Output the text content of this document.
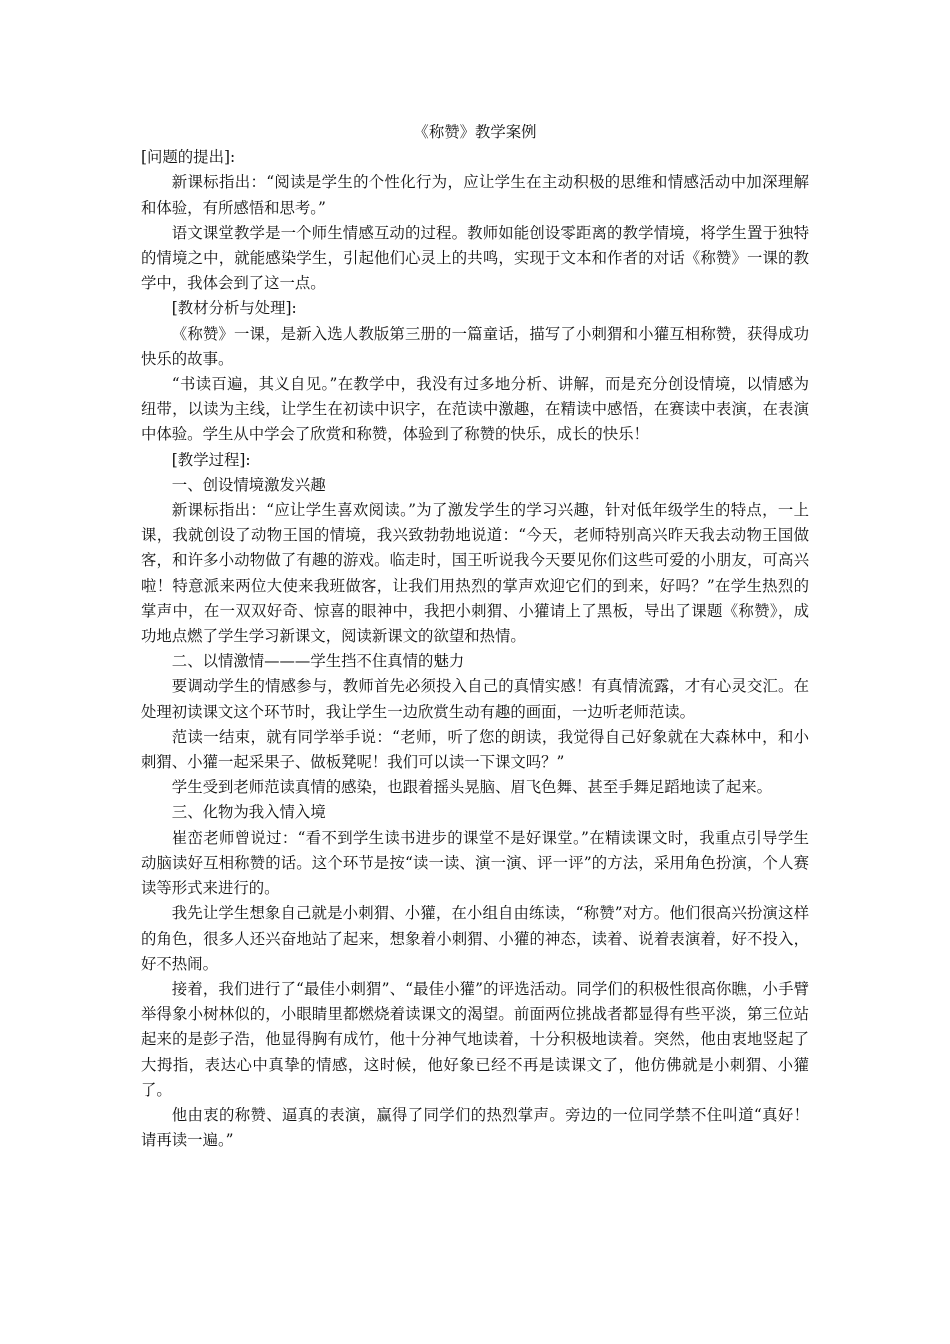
《称赞》教学案例

[问题的提出]:

新课标指出：“阅读是学生的个性化行为，应让学生在主动积极的思维和情感活动中加深理解和体验，有所感悟和思考。”

语文课堂教学是一个师生情感互动的过程。教师如能创设零距离的教学情境，将学生置于独特的情境之中，就能感染学生，引起他们心灵上的共鸣，实现于文本和作者的对话《称赞》一课的教学中，我体会到了这一点。

[教材分析与处理]:

《称赞》一课，是新入选人教版第三册的一篇童话，描写了小刺猬和小獾互相称赞，获得成功快乐的故事。

“书读百遍，其义自见。”在教学中，我没有过多地分析、讲解，而是充分创设情境，以情感为纽带，以读为主线，让学生在初读中识字，在范读中激趣，在精读中感悟，在赛读中表演，在表演中体验。学生从中学会了欣赏和称赞，体验到了称赞的快乐，成长的快乐！

[教学过程]:

一、创设情境激发兴趣

新课标指出：“应让学生喜欢阅读。”为了激发学生的学习兴趣，针对低年级学生的特点，一上课，我就创设了动物王国的情境，我兴致勃勃地说道：“今天，老师特别高兴昨天我去动物王国做客，和许多小动物做了有趣的游戏。临走时，国王听说我今天要见你们这些可爱的小朋友，可高兴啦！特意派来两位大使来我班做客，让我们用热烈的掌声欢迎它们的到来，好吗？”在学生热烈的掌声中，在一双双好奇、惊喜的眼神中，我把小刺猬、小獾请上了黑板，导出了课题《称赞》，成功地点燃了学生学习新课文，阅读新课文的欲望和热情。

二、以情激情———学生挡不住真情的魅力

要调动学生的情感参与，教师首先必须投入自己的真情实感！有真情流露，才有心灵交汇。在处理初读课文这个环节时，我让学生一边欣赏生动有趣的画面，一边听老师范读。

范读一结束，就有同学举手说：“老师，听了您的朗读，我觉得自己好象就在大森林中，和小刺猬、小獾一起采果子、做板凳呢！我们可以读一下课文吗？”

学生受到老师范读真情的感染，也跟着摇头晃脑、眉飞色舞、甚至手舞足蹈地读了起来。

三、化物为我入情入境

崔峦老师曾说过：“看不到学生读书进步的课堂不是好课堂。”在精读课文时，我重点引导学生动脑读好互相称赞的话。这个环节是按“读一读、演一演、评一评”的方法，采用角色扮演，个人赛读等形式来进行的。

我先让学生想象自己就是小刺猬、小獾，在小组自由练读，“称赞”对方。他们很高兴扮演这样的角色，很多人还兴奋地站了起来，想象着小刺猬、小獾的神态，读着、说着表演着，好不投入，好不热闹。

接着，我们进行了“最佳小刺猬”、“最佳小獾”的评选活动。同学们的积极性很高你瞧，小手臂举得象小树林似的，小眼睛里都燃烧着读课文的渴望。前面两位挑战者都显得有些平淡，第三位站起来的是彭子浩，他显得胸有成竹，他十分神气地读着，十分积极地读着。突然，他由衷地竖起了大拇指，表达心中真挚的情感，这时候，他好象已经不再是读课文了，他仿佛就是小刺猬、小獾了。

他由衷的称赞、逼真的表演，赢得了同学们的热烈掌声。旁边的一位同学禁不住叫道“真好！请再读一遍。”
